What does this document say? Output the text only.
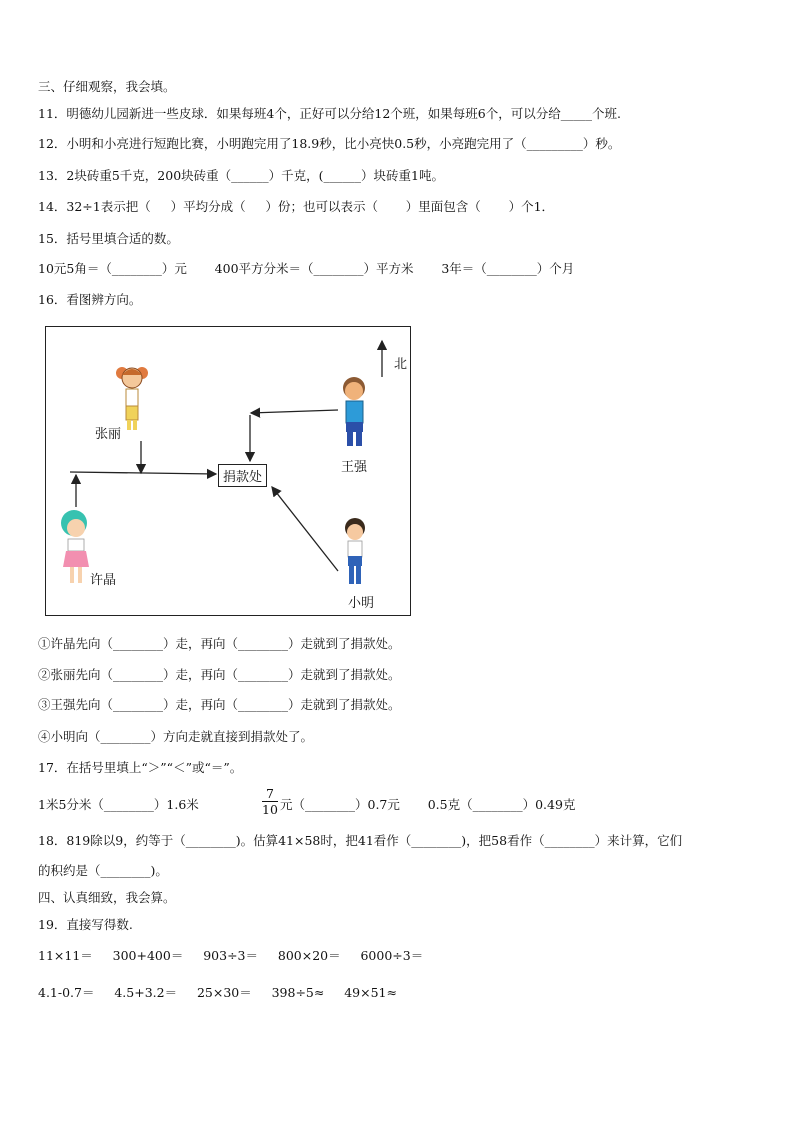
三、仔细观察，我会填。
11．明德幼儿园新进一些皮球．如果每班4个，正好可以分给12个班，如果每班6个，可以分给_____个班.
12．小明和小亮进行短跑比赛，小明跑完用了18.9秒，比小亮快0.5秒，小亮跑完用了（_________）秒。
13．2块砖重5千克，200块砖重（______）千克，(______）块砖重1吨。
14．32÷1表示把（     ）平均分成（     ）份；也可以表示（       ）里面包含（       ）个1．
15．括号里填合适的数。
10元5角＝（________）元       400平方分米＝（________）平方米       3年＝（________）个月
16．看图辨方向。
北
张丽
王强
捐款处
许晶
小明
①许晶先向（________）走，再向（________）走就到了捐款处。
②张丽先向（________）走，再向（________）走就到了捐款处。
③王强先向（________）走，再向（________）走就到了捐款处。
④小明向（________）方向走就直接到捐款处了。
17．在括号里填上“＞”“＜”或“＝”。
1米5分米（________）1.6米
7
10 元（________）0.7元       0.5克（________）0.49克
18．819除以9，约等于（________)。估算41×58时，把41看作（________)，把58看作（________）来计算，它们
的积约是（________)。
四、认真细致，我会算。
19．直接写得数.
11×11＝     300+400＝     903÷3＝     800×20＝     6000÷3＝
4.1-0.7＝     4.5+3.2＝     25×30＝     398÷5≈     49×51≈
